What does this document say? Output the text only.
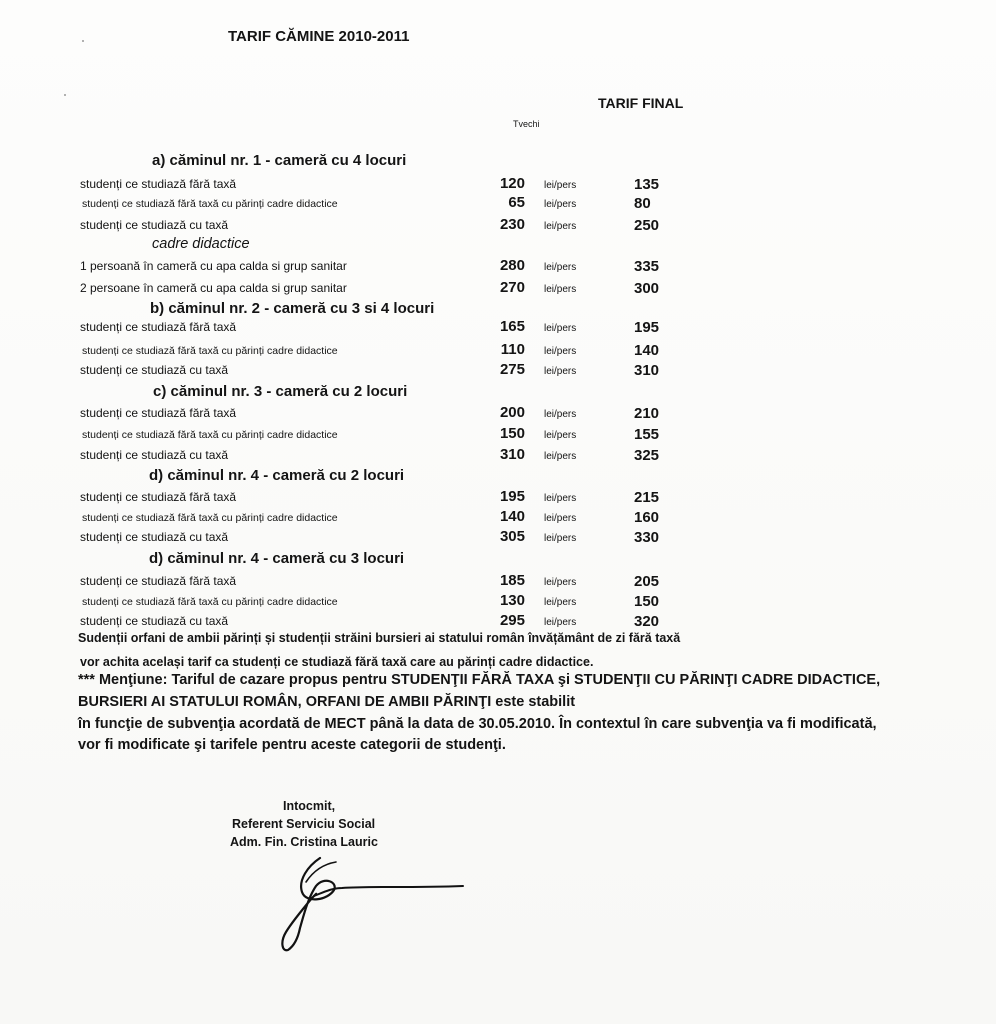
TARIF CĂMINE 2010-2011
TARIF FINAL
Tvechi
a) căminul nr. 1 - cameră cu 4 locuri
studenți ce studiază fără taxă	120 lei/pers	135
studenți ce studiază fără taxă cu părinți cadre didactice	65 lei/pers	80
studenți ce studiază cu taxă	230 lei/pers	250
cadre didactice
1 persoană în cameră cu apa calda si grup sanitar	280 lei/pers	335
2 persoane în cameră cu apa calda si grup sanitar	270 lei/pers	300
b) căminul nr. 2 - cameră cu 3 si 4 locuri
studenți ce studiază fără taxă	165 lei/pers	195
studenți ce studiază fără taxă cu părinți cadre didactice	110 lei/pers	140
studenți ce studiază cu taxă	275 lei/pers	310
c) căminul nr. 3 - cameră cu 2 locuri
studenți ce studiază fără taxă	200 lei/pers	210
studenți ce studiază fără taxă cu părinți cadre didactice	150 lei/pers	155
studenți ce studiază cu taxă	310 lei/pers	325
d) căminul nr. 4 - cameră cu 2 locuri
studenți ce studiază fără taxă	195 lei/pers	215
studenți ce studiază fără taxă cu părinți cadre didactice	140 lei/pers	160
studenți ce studiază cu taxă	305 lei/pers	330
d) căminul nr. 4 - cameră cu 3 locuri
studenți ce studiază fără taxă	185 lei/pers	205
studenți ce studiază fără taxă cu părinți cadre didactice	130 lei/pers	150
studenți ce studiază cu taxă	295 lei/pers	320
Sudenții orfani de ambii părinți și studenții străini bursieri ai statului român învățământ de zi fără taxă
vor achita același tarif ca studenți ce studiază fără taxă care au părinți cadre didactice.
*** Menţiune: Tariful de cazare propus pentru STUDENŢII FĂRĂ TAXA şi STUDENŢII CU PĂRINŢI CADRE DIDACTICE,
BURSIERI AI STATULUI ROMÂN, ORFANI DE AMBII PĂRINŢI este stabilit
în funcţie de subvenţia acordată de MECT până la data de 30.05.2010. În contextul în care subvenţia va fi modificată,
vor fi modificate şi tarifele pentru aceste categorii de studenţi.
Intocmit,
Referent Serviciu Social
Adm. Fin. Cristina Lauric
